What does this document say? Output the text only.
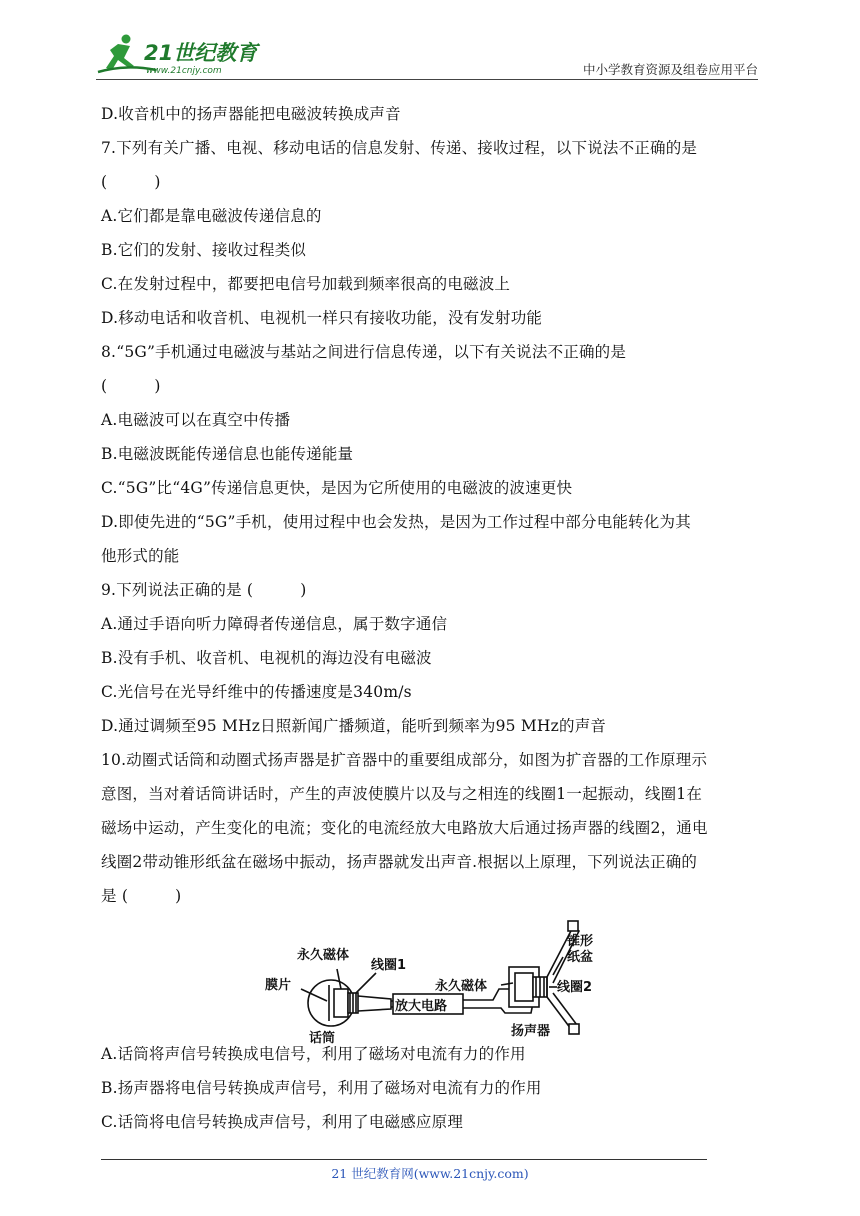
21世纪教育
www.21cnjy.com	中小学教育资源及组卷应用平台
D.收音机中的扬声器能把电磁波转换成声音
7.下列有关广播、电视、移动电话的信息发射、传递、接收过程，以下说法不正确的是
(　　　)
A.它们都是靠电磁波传递信息的
B.它们的发射、接收过程类似
C.在发射过程中，都要把电信号加载到频率很高的电磁波上
D.移动电话和收音机、电视机一样只有接收功能，没有发射功能
8.“5G”手机通过电磁波与基站之间进行信息传递，以下有关说法不正确的是
(　　　)
A.电磁波可以在真空中传播
B.电磁波既能传递信息也能传递能量
C.“5G”比“4G”传递信息更快，是因为它所使用的电磁波的波速更快
D.即使先进的“5G”手机，使用过程中也会发热，是因为工作过程中部分电能转化为其
他形式的能
9.下列说法正确的是 (　　　)
A.通过手语向听力障碍者传递信息，属于数字通信
B.没有手机、收音机、电视机的海边没有电磁波
C.光信号在光导纤维中的传播速度是340m/s
D.通过调频至95 MHz日照新闻广播频道，能听到频率为95 MHz的声音
10.动圈式话筒和动圈式扬声器是扩音器中的重要组成部分，如图为扩音器的工作原理示
意图，当对着话筒讲话时，产生的声波使膜片以及与之相连的线圈1一起振动，线圈1在
磁场中运动，产生变化的电流；变化的电流经放大电路放大后通过扬声器的线圈2，通电
线圈2带动锥形纸盆在磁场中振动，扬声器就发出声音.根据以上原理，下列说法正确的
是 (　　　)
永久磁体
线圈1
膜片
放大电路
永久磁体
锥形
纸盆
线圈2
话筒	扬声器
A.话筒将声信号转换成电信号，利用了磁场对电流有力的作用
B.扬声器将电信号转换成声信号，利用了磁场对电流有力的作用
C.话筒将电信号转换成声信号，利用了电磁感应原理
21 世纪教育网(www.21cnjy.com)
